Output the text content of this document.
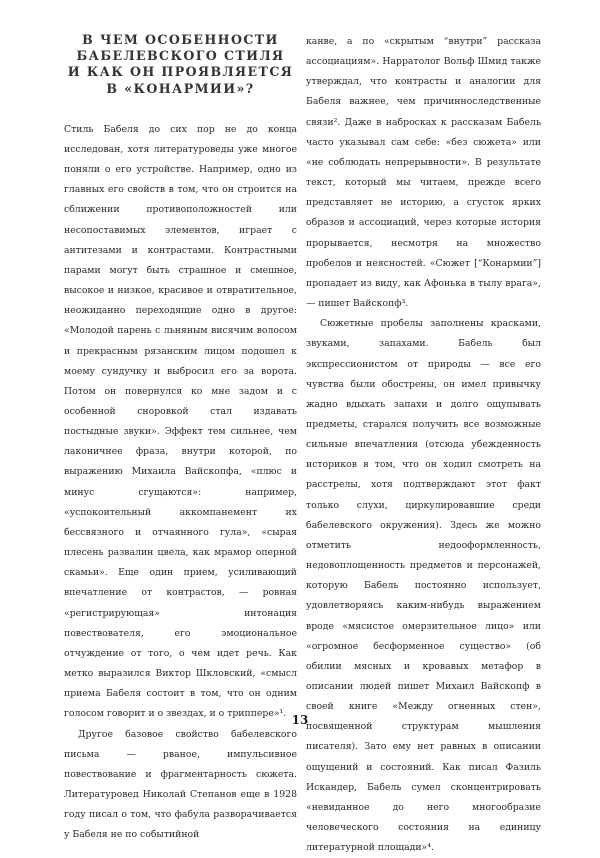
В ЧЕМ ОСОБЕННОСТИ
БАБЕЛЕВСКОГО СТИЛЯ
И КАК ОН ПРОЯВЛЯЕТСЯ
В «КОНАРМИИ»?

Стиль Бабеля до сих пор не до конца исследован, хотя литературоведы уже многое поняли о его устройстве. Например, одно из главных его свойств в том, что он строится на сближении противоположностей или несопоставимых элементов, играет с антитезами и контрастами. Контрастными парами могут быть страшное и смешное, высокое и низкое, красивое и отвратительное, неожиданно переходящие одно в другое: «Молодой парень с льняным висячим волосом и прекрасным рязанским лицом подошел к моему сундучку и выбросил его за ворота. Потом он повернулся ко мне задом и с особенной сноровкой стал издавать постыдные звуки». Эффект тем сильнее, чем лаконичнее фраза, внутри которой, по выражению Михаила Вайскопфа, «плюс и минус сгущаются»: например, «успокоительный аккомпанемент их бессвязного и отчаянного гула», «сырая плесень развалин цвела, как мрамор оперной скамьи». Еще один прием, усиливающий впечатление от контрастов, — ровная «регистрирующая» интонация повествователя, его эмоциональное отчуждение от того, о чем идет речь. Как метко выразился Виктор Шкловский, «смысл приема Бабеля состоит в том, что он одним голосом говорит и о звездах, и о триппере»¹.

Другое базовое свойство бабелевского письма — рваное, импульсивное повествование и фрагментарность сюжета. Литературовед Николай Степанов еще в 1928 году писал о том, что фабула разворачивается у Бабеля не по событийной

канве, а по «скрытым “внутри” рассказа ассоциациям». Нарратолог Вольф Шмид также утверждал, что контрасты и аналогии для Бабеля важнее, чем причинноследственные связи². Даже в набросках к рассказам Бабель часто указывал сам себе: «без сюжета» или «не соблюдать непрерывности». В результате текст, который мы читаем, прежде всего представляет не историю, а сгусток ярких образов и ассоциаций, через которые история прорывается, несмотря на множество пробелов и неясностей. «Сюжет [“Конармии”] пропадает из виду, как Афонька в тылу врага», — пишет Вайскопф³.

Сюжетные пробелы заполнены красками, звуками, запахами. Бабель был экспрессионистом от природы — все его чувства были обострены, он имел привычку жадно вдыхать запахи и долго ощупывать предметы, старался получить все возможные сильные впечатления (отсюда убежденность историков в том, что он ходил смотреть на расстрелы, хотя подтверждают этот факт только слухи, циркулировавшие среди бабелевского окружения). Здесь же можно отметить недооформленность, недовоплощенность предметов и персонажей, которую Бабель постоянно использует, удовлетворяясь каким-нибудь выражением вроде «мясистое омерзительное лицо» или «огромное бесформенное существо» (об обилии мясных и кровавых метафор в описании людей пишет Михаил Вайскопф в своей книге «Между огненных стен», посвященной структурам мышления писателя). Зато ему нет равных в описании ощущений и состояний. Как писал Фазиль Искандер, Бабель сумел сконцентрировать «невиданное до него многообразие человеческого состояния на единицу литературной площади»⁴.

13
